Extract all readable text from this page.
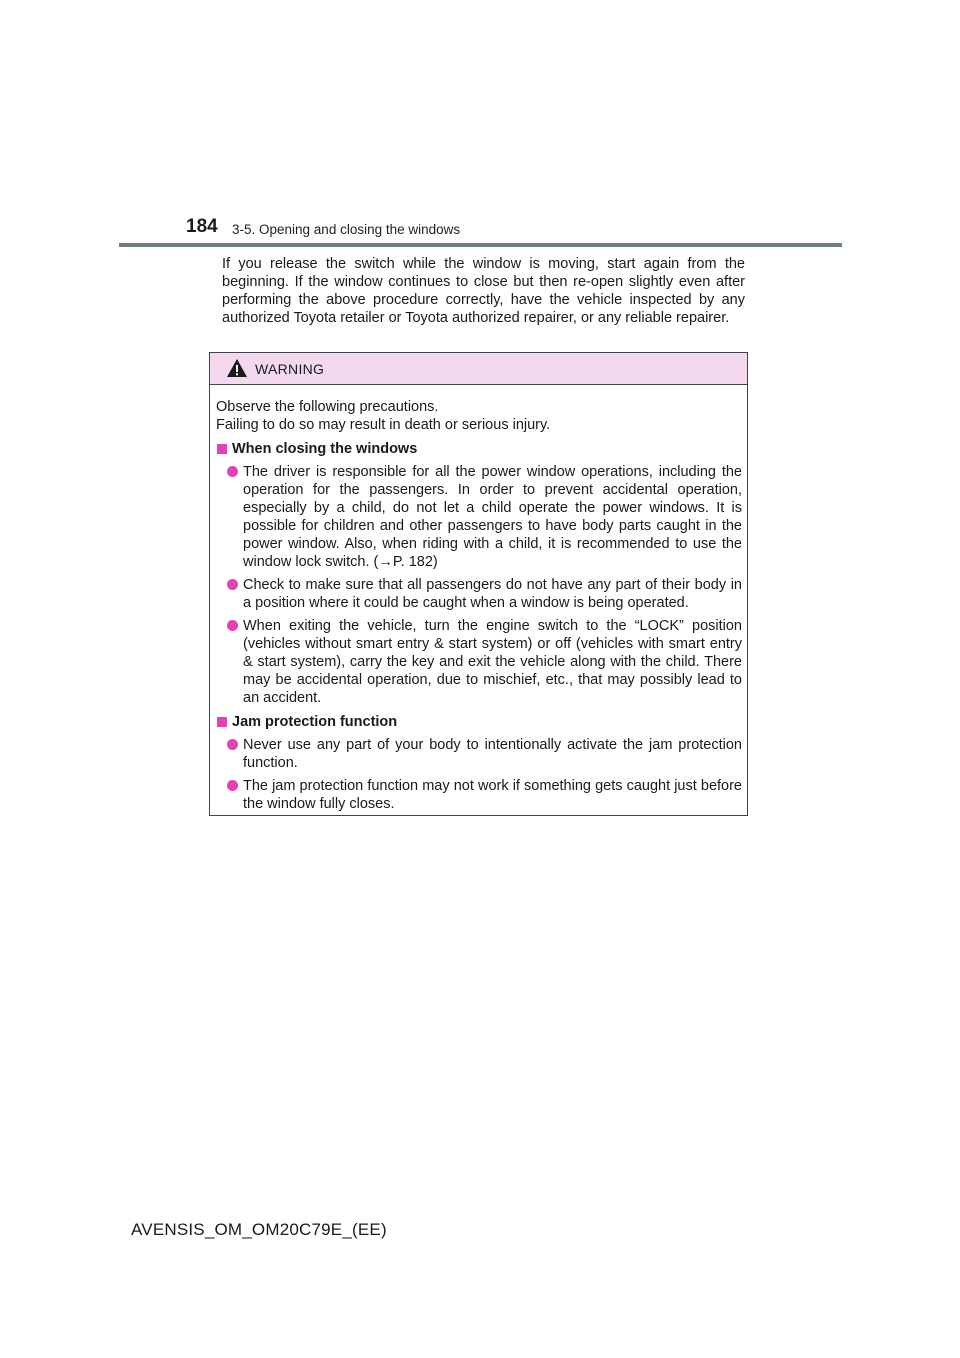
184 3-5. Opening and closing the windows

If you release the switch while the window is moving, start again from the beginning. If the window continues to close but then re-open slightly even after performing the above procedure correctly, have the vehicle inspected by any authorized Toyota retailer or Toyota authorized repairer, or any reliable repairer.

WARNING
Observe the following precautions.
Failing to do so may result in death or serious injury.
When closing the windows
The driver is responsible for all the power window operations, including the operation for the passengers. In order to prevent accidental operation, especially by a child, do not let a child operate the power windows. It is possible for children and other passengers to have body parts caught in the power window. Also, when riding with a child, it is recommended to use the window lock switch. (→P. 182)
Check to make sure that all passengers do not have any part of their body in a position where it could be caught when a window is being operated.
When exiting the vehicle, turn the engine switch to the “LOCK” position (vehicles without smart entry & start system) or off (vehicles with smart entry & start system), carry the key and exit the vehicle along with the child. There may be accidental operation, due to mischief, etc., that may possibly lead to an accident.
Jam protection function
Never use any part of your body to intentionally activate the jam protection function.
The jam protection function may not work if something gets caught just before the window fully closes.
AVENSIS_OM_OM20C79E_(EE)
